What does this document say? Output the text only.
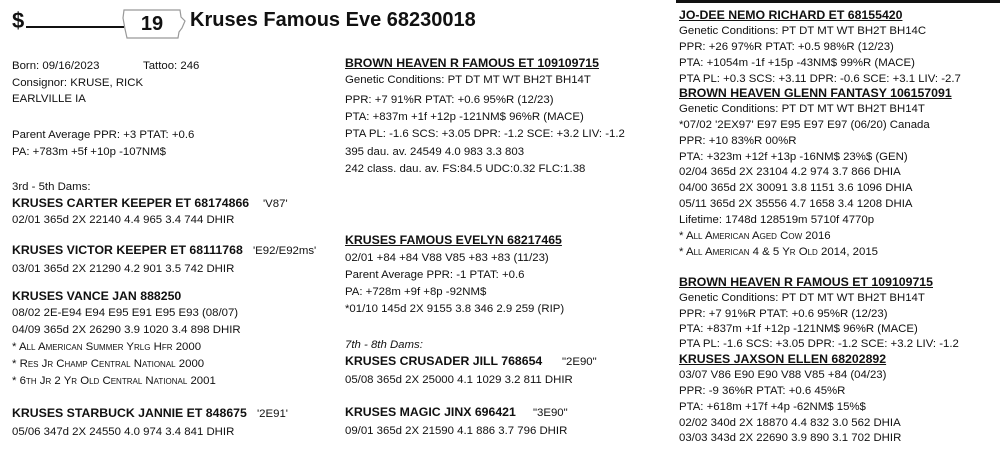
$	19	Kruses Famous Eve 68230018
Born: 09/16/2023	Tattoo: 246
Consignor: KRUSE, RICK
EARLVILLE IA
Parent Average PPR: +3 PTAT: +0.6
PA: +783m +5f +10p -107NM$
3rd - 5th Dams:
KRUSES CARTER KEEPER ET 68174866 'V87'
02/01 365d 2X 22140 4.4 965 3.4 744 DHIR
KRUSES VICTOR KEEPER ET 68111768 'E92/E92ms'
03/01 365d 2X 21290 4.2 901 3.5 742 DHIR
KRUSES VANCE JAN 888250
08/02 2E-E94 E94 E95 E91 E95 E93 (08/07)
04/09 365d 2X 26290 3.9 1020 3.4 898 DHIR
* All American Summer Yrlg Hfr 2000
* Res Jr Champ Central National 2000
* 6th Jr 2 Yr Old Central National 2001
KRUSES STARBUCK JANNIE ET 848675 '2E91'
05/06 347d 2X 24550 4.0 974 3.4 841 DHIR
BROWN HEAVEN R FAMOUS ET 109109715
Genetic Conditions: PT DT MT WT BH2T BH14T
PPR: +7 91%R PTAT: +0.6 95%R (12/23)
PTA: +837m +1f +12p -121NM$ 96%R (MACE)
PTA PL: -1.6 SCS: +3.05 DPR: -1.2 SCE: +3.2 LIV: -1.2
395 dau. av. 24549 4.0 983 3.3 803
242 class. dau. av. FS:84.5 UDC:0.32 FLC:1.38
KRUSES FAMOUS EVELYN 68217465
02/01 +84 +84 V88 V85 +83 +83 (11/23)
Parent Average PPR: -1 PTAT: +0.6
PA: +728m +9f +8p -92NM$
*01/10 145d 2X 9155 3.8 346 2.9 259 (RIP)
7th - 8th Dams:
KRUSES CRUSADER JILL 768654 "2E90"
05/08 365d 2X 25000 4.1 1029 3.2 811 DHIR
KRUSES MAGIC JINX 696421 "3E90"
09/01 365d 2X 21590 4.1 886 3.7 796 DHIR
JO-DEE NEMO RICHARD ET 68155420
Genetic Conditions: PT DT MT WT BH2T BH14C
PPR: +26 97%R PTAT: +0.5 98%R (12/23)
PTA: +1054m -1f +15p -43NM$ 99%R (MACE)
PTA PL: +0.3 SCS: +3.11 DPR: -0.6 SCE: +3.1 LIV: -2.7
BROWN HEAVEN GLENN FANTASY 106157091
Genetic Conditions: PT DT MT WT BH2T BH14T
*07/02 '2EX97' E97 E95 E97 E97 (06/20) Canada
PPR: +10 83%R 00%R
PTA: +323m +12f +13p -16NM$ 23%$ (GEN)
02/04 365d 2X 23104 4.2 974 3.7 866 DHIA
04/00 365d 2X 30091 3.8 1151 3.6 1096 DHIA
05/11 365d 2X 35556 4.7 1658 3.4 1208 DHIA
Lifetime: 1748d 128519m 5710f 4770p
* All American Aged Cow 2016
* All American 4 & 5 Yr Old 2014, 2015
BROWN HEAVEN R FAMOUS ET 109109715
Genetic Conditions: PT DT MT WT BH2T BH14T
PPR: +7 91%R PTAT: +0.6 95%R (12/23)
PTA: +837m +1f +12p -121NM$ 96%R (MACE)
PTA PL: -1.6 SCS: +3.05 DPR: -1.2 SCE: +3.2 LIV: -1.2
KRUSES JAXSON ELLEN 68202892
03/07 V86 E90 E90 V88 V85 +84 (04/23)
PPR: -9 36%R PTAT: +0.6 45%R
PTA: +618m +17f +4p -62NM$ 15%$
02/02 340d 2X 18870 4.4 832 3.0 562 DHIA
03/03 343d 2X 22690 3.9 890 3.1 702 DHIR
